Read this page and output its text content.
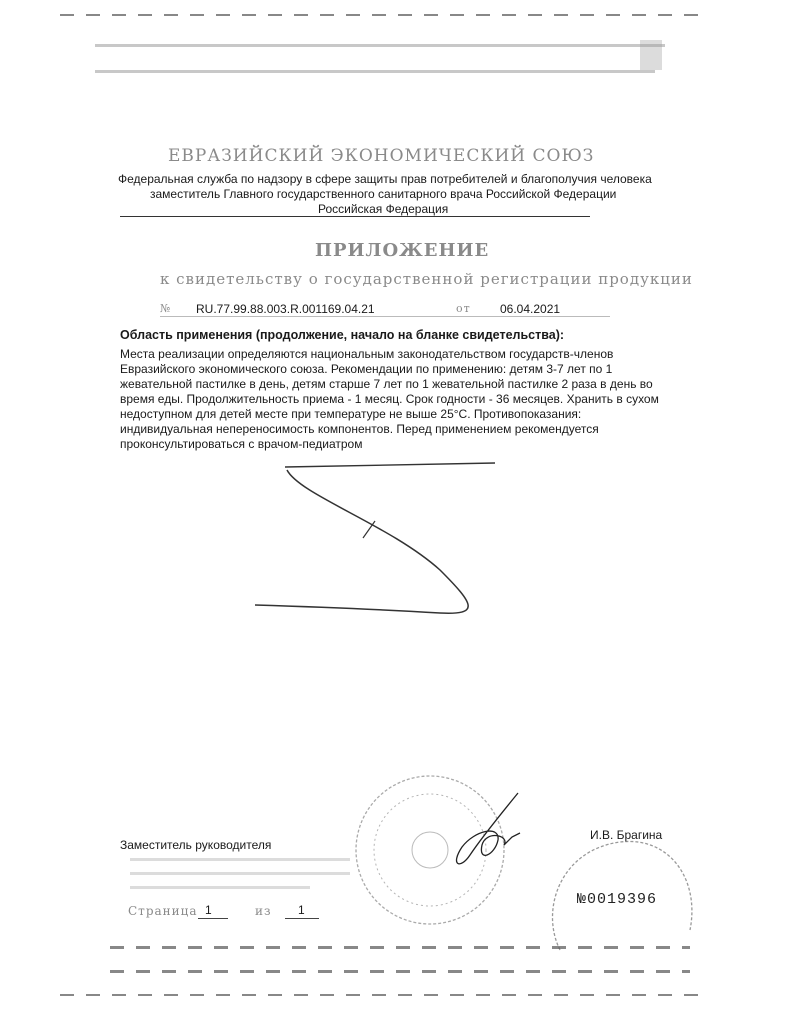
ЕВРАЗИЙСКИЙ ЭКОНОМИЧЕСКИЙ СОЮЗ
Федеральная служба по надзору в сфере защиты прав потребителей и благополучия человека
заместитель Главного государственного санитарного врача Российской Федерации
Российская Федерация
ПРИЛОЖЕНИЕ
к свидетельству о государственной регистрации продукции
№ RU.77.99.88.003.R.001169.04.21	от 06.04.2021
Область применения (продолжение, начало на бланке свидетельства):
Места реализации определяются национальным законодательством государств-членов
Евразийского экономического союза. Рекомендации по применению: детям 3-7 лет по 1
жевательной пастилке в день, детям старше 7 лет по 1 жевательной пастилке 2 раза в день во
время еды. Продолжительность приема - 1 месяц. Срок годности - 36 месяцев. Хранить в сухом
недоступном для детей месте при температуре не выше 25°С. Противопоказания:
индивидуальная непереносимость компонентов. Перед применением рекомендуется
проконсультироваться с врачом-педиатром
Заместитель руководителя
И.В. Брагина
Страница 1	из 1
№0019396
